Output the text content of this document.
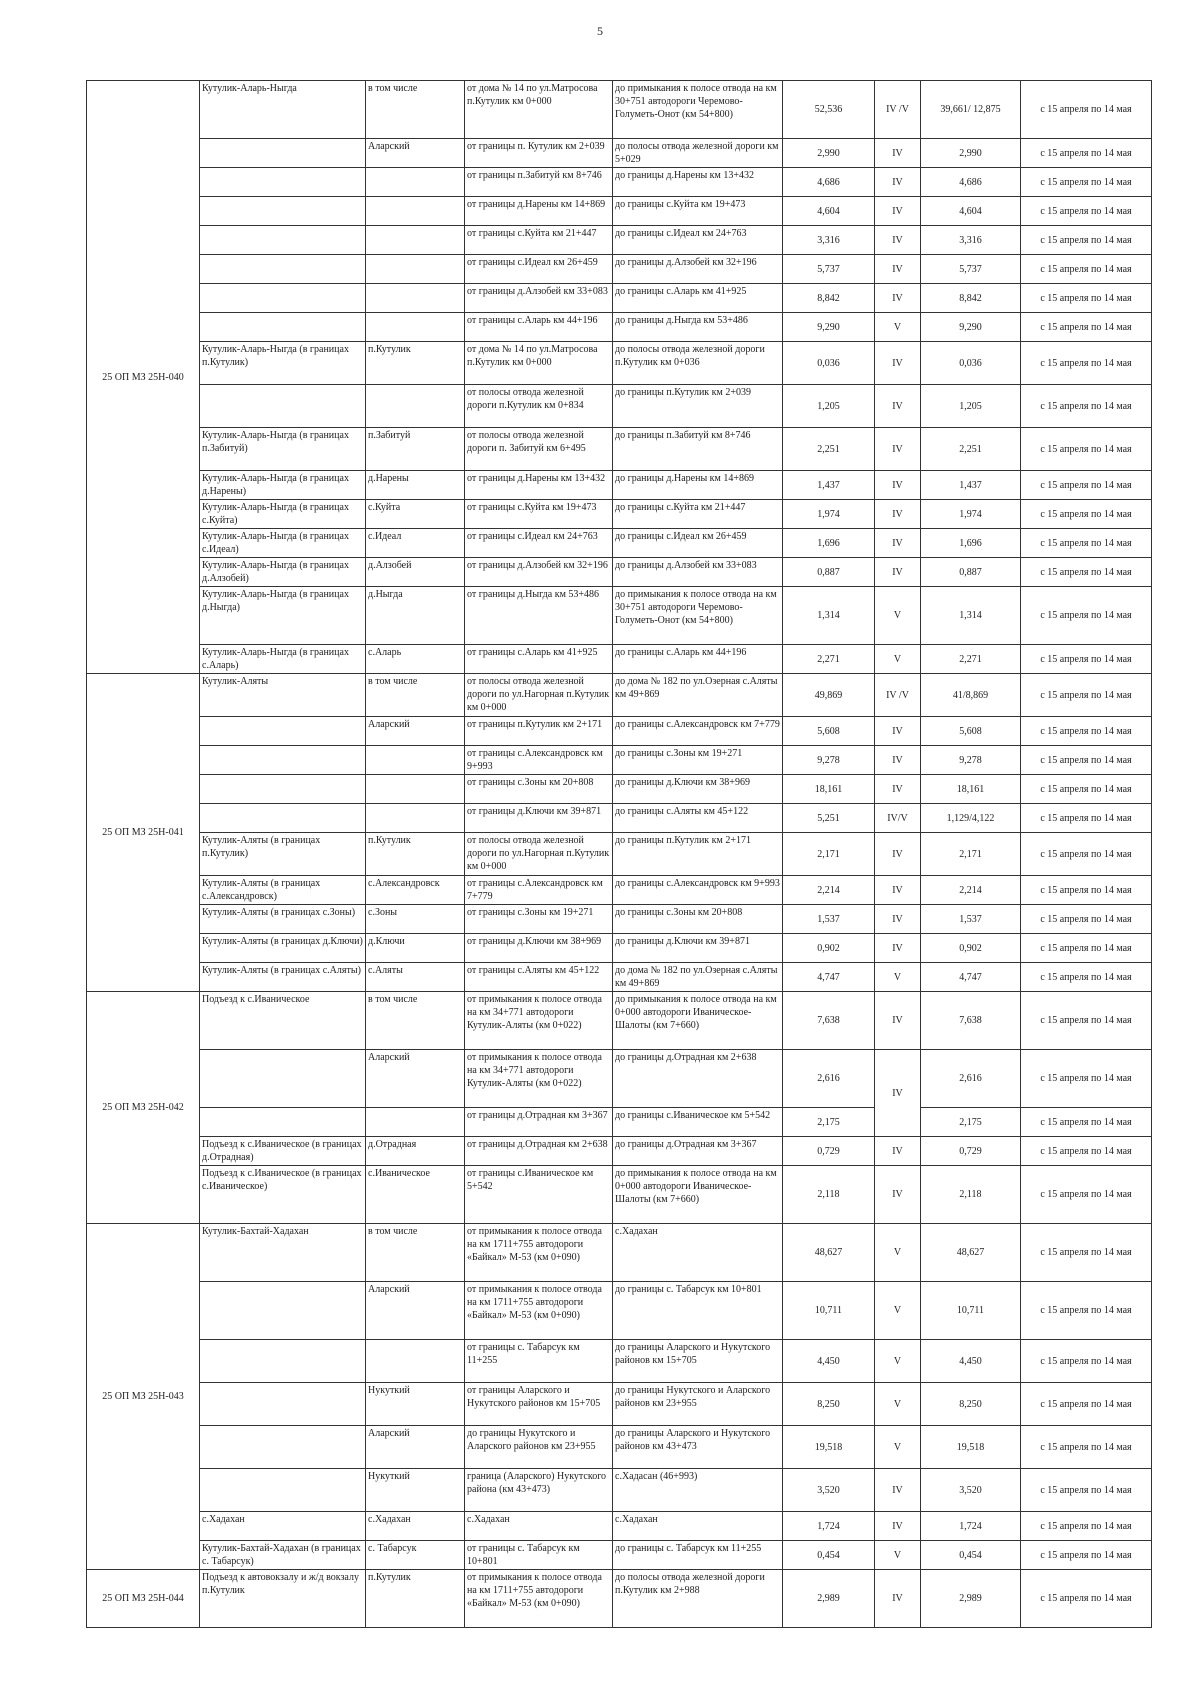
5
25 ОП МЗ 25Н-040	Кутулик-Аларь-Ныгда	в том числе	от дома № 14 по ул.Матросова п.Кутулик км 0+000	до примыкания к полосе отвода на км 30+751 автодороги Черемово-Голуметь-Онот (км 54+800)	52,536	IV /V	39,661/ 12,875	с 15 апреля по 14 мая
		Аларский	от границы п. Кутулик км 2+039	до полосы отвода железной дороги км 5+029	2,990	IV	2,990	с 15 апреля по 14 мая
			от границы п.Забитуй км 8+746	до границы д.Нарены км 13+432	4,686	IV	4,686	с 15 апреля по 14 мая
			от границы д.Нарены км 14+869	до границы с.Куйта км 19+473	4,604	IV	4,604	с 15 апреля по 14 мая
			от границы с.Куйта км 21+447	до границы с.Идеал км 24+763	3,316	IV	3,316	с 15 апреля по 14 мая
			от границы с.Идеал км 26+459	до границы д.Алзобей км 32+196	5,737	IV	5,737	с 15 апреля по 14 мая
			от границы д.Алзобей км 33+083	до границы с.Аларь км 41+925	8,842	IV	8,842	с 15 апреля по 14 мая
			от границы с.Аларь км 44+196	до границы д.Ныгда км 53+486	9,290	V	9,290	с 15 апреля по 14 мая
	Кутулик-Аларь-Ныгда (в границах п.Кутулик)	п.Кутулик	от дома № 14 по ул.Матросова п.Кутулик км 0+000	до полосы отвода железной дороги п.Кутулик км 0+036	0,036	IV	0,036	с 15 апреля по 14 мая
			от полосы отвода железной дороги п.Кутулик км 0+834	до границы п.Кутулик км 2+039	1,205	IV	1,205	с 15 апреля по 14 мая
	Кутулик-Аларь-Ныгда (в границах п.Забитуй)	п.Забитуй	от полосы отвода железной дороги п. Забитуй км 6+495	до границы п.Забитуй км 8+746	2,251	IV	2,251	с 15 апреля по 14 мая
	Кутулик-Аларь-Ныгда (в границах д.Нарены)	д.Нарены	от границы д.Нарены км 13+432	до границы д.Нарены км 14+869	1,437	IV	1,437	с 15 апреля по 14 мая
	Кутулик-Аларь-Ныгда (в границах с.Куйта)	с.Куйта	от границы с.Куйта км 19+473	до границы с.Куйта км 21+447	1,974	IV	1,974	с 15 апреля по 14 мая
	Кутулик-Аларь-Ныгда (в границах с.Идеал)	с.Идеал	от границы с.Идеал км 24+763	до границы с.Идеал км 26+459	1,696	IV	1,696	с 15 апреля по 14 мая
	Кутулик-Аларь-Ныгда (в границах д.Алзобей)	д.Алзобей	от границы д.Алзобей км 32+196	до границы д.Алзобей км 33+083	0,887	IV	0,887	с 15 апреля по 14 мая
	Кутулик-Аларь-Ныгда (в границах д.Ныгда)	д.Ныгда	от границы д.Ныгда км 53+486	до примыкания к полосе отвода на км 30+751 автодороги Черемово-Голуметь-Онот (км 54+800)	1,314	V	1,314	с 15 апреля по 14 мая
	Кутулик-Аларь-Ныгда (в границах с.Аларь)	с.Аларь	от границы с.Аларь км 41+925	до границы с.Аларь км 44+196	2,271	V	2,271	с 15 апреля по 14 мая
25 ОП МЗ 25Н-041	Кутулик-Аляты	в том числе	от полосы отвода железной дороги по ул.Нагорная п.Кутулик км 0+000	до дома № 182 по ул.Озерная с.Аляты км 49+869	49,869	IV /V	41/8,869	с 15 апреля по 14 мая
		Аларский	от границы п.Кутулик км 2+171	до границы с.Александровск км 7+779	5,608	IV	5,608	с 15 апреля по 14 мая
			от границы с.Александровск км 9+993	до границы с.Зоны км 19+271	9,278	IV	9,278	с 15 апреля по 14 мая
			от границы с.Зоны км 20+808	до границы д.Ключи км 38+969	18,161	IV	18,161	с 15 апреля по 14 мая
			от границы д.Ключи км 39+871	до границы с.Аляты км 45+122	5,251	IV/V	1,129/4,122	с 15 апреля по 14 мая
	Кутулик-Аляты (в границах п.Кутулик)	п.Кутулик	от полосы отвода железной дороги по ул.Нагорная п.Кутулик км 0+000	до границы п.Кутулик км 2+171	2,171	IV	2,171	с 15 апреля по 14 мая
	Кутулик-Аляты (в границах с.Александровск)	с.Александровск	от границы с.Александровск км 7+779	до границы с.Александровск км 9+993	2,214	IV	2,214	с 15 апреля по 14 мая
	Кутулик-Аляты (в границах с.Зоны)	с.Зоны	от границы с.Зоны км 19+271	до границы с.Зоны км 20+808	1,537	IV	1,537	с 15 апреля по 14 мая
	Кутулик-Аляты (в границах д.Ключи)	д.Ключи	от границы д.Ключи км 38+969	до границы д.Ключи км 39+871	0,902	IV	0,902	с 15 апреля по 14 мая
	Кутулик-Аляты (в границах с.Аляты)	с.Аляты	от границы с.Аляты км 45+122	до дома № 182 по ул.Озерная с.Аляты км 49+869	4,747	V	4,747	с 15 апреля по 14 мая
25 ОП МЗ 25Н-042	Подъезд к с.Иваническое	в том числе	от примыкания к полосе отвода на км 34+771 автодороги Кутулик-Аляты (км 0+022)	до примыкания к полосе отвода на км 0+000 автодороги Иваническое-Шалоты (км 7+660)	7,638	IV	7,638	с 15 апреля по 14 мая
		Аларский	от примыкания к полосе отвода на км 34+771 автодороги Кутулик-Аляты (км 0+022)	до границы д.Отрадная км 2+638	2,616	IV	2,616	с 15 апреля по 14 мая
			от границы д.Отрадная км 3+367	до границы с.Иваническое км 5+542	2,175		2,175	с 15 апреля по 14 мая
	Подъезд к с.Иваническое (в границах д.Отрадная)	д.Отрадная	от границы д.Отрадная км 2+638	до границы д.Отрадная км 3+367	0,729	IV	0,729	с 15 апреля по 14 мая
	Подъезд к с.Иваническое (в границах с.Иваническое)	с.Иваническое	от границы с.Иваническое км 5+542	до примыкания к полосе отвода на км 0+000 автодороги Иваническое-Шалоты (км 7+660)	2,118	IV	2,118	с 15 апреля по 14 мая
25 ОП МЗ 25Н-043	Кутулик-Бахтай-Хадахан	в том числе	от примыкания к полосе отвода на км 1711+755 автодороги «Байкал» М-53 (км 0+090)	с.Хадахан	48,627	V	48,627	с 15 апреля по 14 мая
		Аларский	от примыкания к полосе отвода на км 1711+755 автодороги «Байкал» М-53 (км 0+090)	до границы с. Табарсук км 10+801	10,711	V	10,711	с 15 апреля по 14 мая
			от границы с. Табарсук км 11+255	до границы Аларского и Нукутского районов км 15+705	4,450	V	4,450	с 15 апреля по 14 мая
		Нукуткий	от границы Аларского и Нукутского районов км 15+705	до границы Нукутского и Аларского районов км 23+955	8,250	V	8,250	с 15 апреля по 14 мая
		Аларский	до границы Нукутского и Аларского районов км 23+955	до границы Аларского и Нукутского районов км 43+473	19,518	V	19,518	с 15 апреля по 14 мая
		Нукуткий	граница (Аларского) Нукутского района (км 43+473)	с.Хадасан (46+993)	3,520	IV	3,520	с 15 апреля по 14 мая
	с.Хадахан	с.Хадахан	с.Хадахан	с.Хадахан	1,724	IV	1,724	с 15 апреля по 14 мая
	Кутулик-Бахтай-Хадахан (в границах с. Табарсук)	с. Табарсук	от границы с. Табарсук км 10+801	до границы с. Табарсук км 11+255	0,454	V	0,454	с 15 апреля по 14 мая
25 ОП МЗ 25Н-044	Подъезд к автовокзалу и ж/д вокзалу п.Кутулик	п.Кутулик	от примыкания к полосе отвода на км 1711+755 автодороги «Байкал» М-53 (км 0+090)	до полосы отвода железной дороги п.Кутулик км 2+988	2,989	IV	2,989	с 15 апреля по 14 мая
